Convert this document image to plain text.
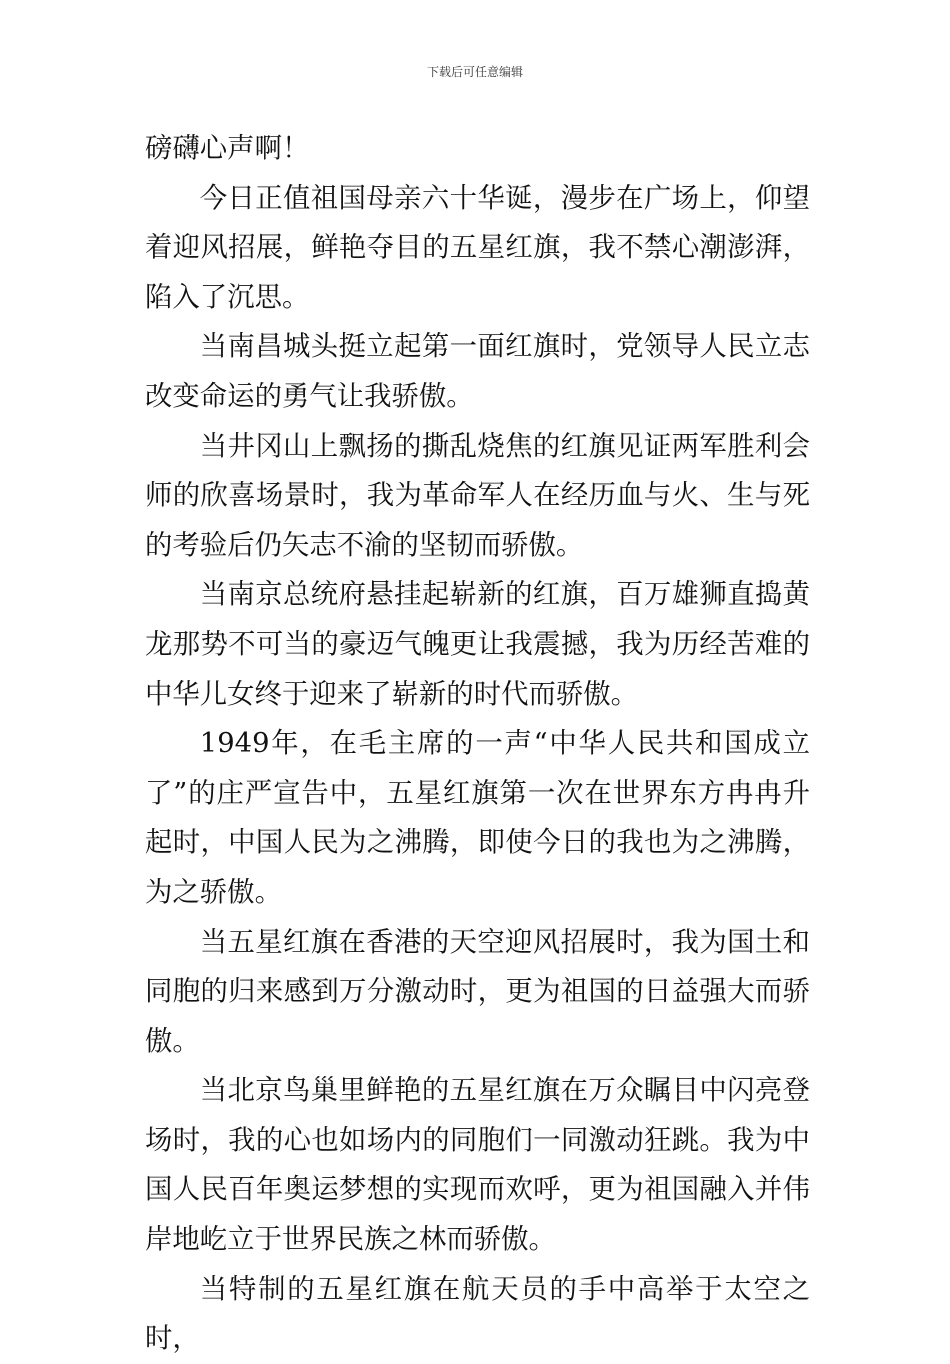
下载后可任意编辑

磅礴心声啊！

今日正值祖国母亲六十华诞，漫步在广场上，仰望着迎风招展，鲜艳夺目的五星红旗，我不禁心潮澎湃，陷入了沉思。

当南昌城头挺立起第一面红旗时，党领导人民立志改变命运的勇气让我骄傲。

当井冈山上飘扬的撕乱烧焦的红旗见证两军胜利会师的欣喜场景时，我为革命军人在经历血与火、生与死的考验后仍矢志不渝的坚韧而骄傲。

当南京总统府悬挂起崭新的红旗，百万雄狮直捣黄龙那势不可当的豪迈气魄更让我震撼，我为历经苦难的中华儿女终于迎来了崭新的时代而骄傲。

1949年，在毛主席的一声“中华人民共和国成立了”的庄严宣告中，五星红旗第一次在世界东方冉冉升起时，中国人民为之沸腾，即使今日的我也为之沸腾，为之骄傲。

当五星红旗在香港的天空迎风招展时，我为国土和同胞的归来感到万分激动时，更为祖国的日益强大而骄傲。

当北京鸟巢里鲜艳的五星红旗在万众瞩目中闪亮登场时，我的心也如场内的同胞们一同激动狂跳。我为中国人民百年奥运梦想的实现而欢呼，更为祖国融入并伟岸地屹立于世界民族之林而骄傲。

当特制的五星红旗在航天员的手中高举于太空之时，
